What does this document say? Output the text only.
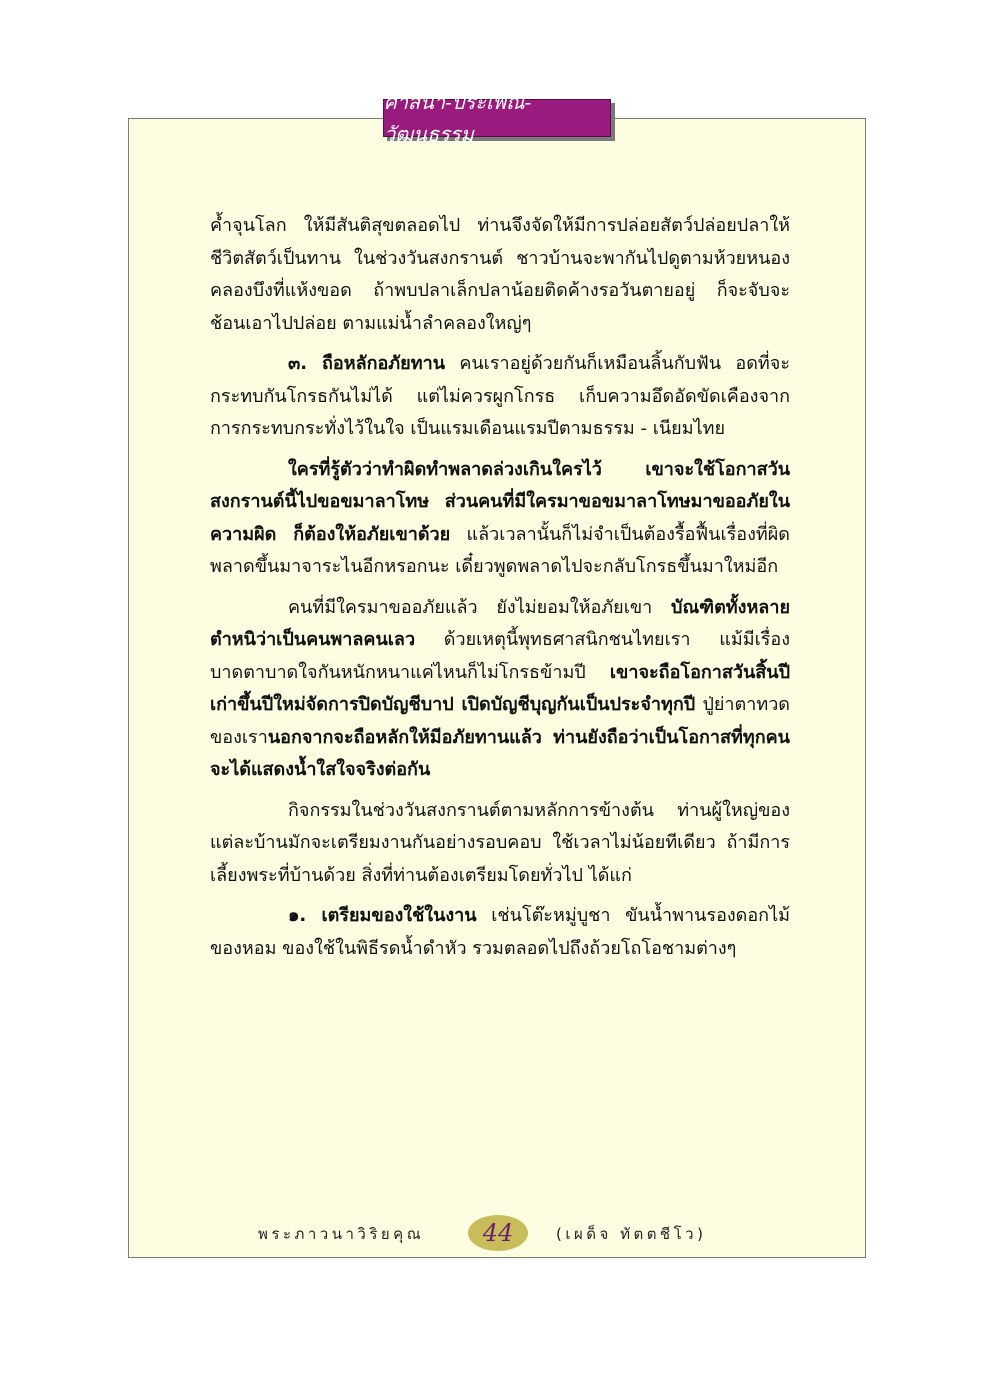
ศาสนา-ประเพณี-วัฒนธรรม

ค้ำจุนโลก ให้มีสันติสุขตลอดไป ท่านจึงจัดให้มีการปล่อยสัตว์ปล่อยปลาให้ชีวิตสัตว์เป็นทาน ในช่วงวันสงกรานต์ ชาวบ้านจะพากันไปดูตามห้วยหนองคลองบึงที่แห้งขอด ถ้าพบปลาเล็กปลาน้อยติดค้างรอวันตายอยู่ ก็จะจับจะช้อนเอาไปปล่อย ตามแม่น้ำลำคลองใหญ่ๆ

๓. ถือหลักอภัยทาน คนเราอยู่ด้วยกันก็เหมือนลิ้นกับฟัน อดที่จะกระทบกันโกรธกันไม่ได้ แต่ไม่ควรผูกโกรธ เก็บความอึดอัดขัดเคืองจากการกระทบกระทั่งไว้ในใจ เป็นแรมเดือนแรมปีตามธรรม - เนียมไทย

ใครที่รู้ตัวว่าทำผิดทำพลาดล่วงเกินใครไว้ เขาจะใช้โอกาสวันสงกรานต์นี้ไปขอขมาลาโทษ ส่วนคนที่มีใครมาขอขมาลาโทษมาขออภัยในความผิด ก็ต้องให้อภัยเขาด้วย แล้วเวลานั้นก็ไม่จำเป็นต้องรื้อฟื้นเรื่องที่ผิดพลาดขึ้นมาจาระไนอีกหรอกนะ เดี๋ยวพูดพลาดไปจะกลับโกรธขึ้นมาใหม่อีก

คนที่มีใครมาขออภัยแล้ว ยังไม่ยอมให้อภัยเขา บัณฑิตทั้งหลายตำหนิว่าเป็นคนพาลคนเลว ด้วยเหตุนี้พุทธศาสนิกชนไทยเรา แม้มีเรื่องบาดตาบาดใจกันหนักหนาแค่ไหนก็ไม่โกรธข้ามปี เขาจะถือโอกาสวันสิ้นปีเก่าขึ้นปีใหม่จัดการปิดบัญชีบาป เปิดบัญชีบุญกันเป็นประจำทุกปี ปู่ย่าตาทวดของเรานอกจากจะถือหลักให้มีอภัยทานแล้ว ท่านยังถือว่าเป็นโอกาสที่ทุกคนจะได้แสดงน้ำใสใจจริงต่อกัน

กิจกรรมในช่วงวันสงกรานต์ตามหลักการข้างต้น ท่านผู้ใหญ่ของแต่ละบ้านมักจะเตรียมงานกันอย่างรอบคอบ ใช้เวลาไม่น้อยทีเดียว ถ้ามีการเลี้ยงพระที่บ้านด้วย สิ่งที่ท่านต้องเตรียมโดยทั่วไป ได้แก่

๑. เตรียมของใช้ในงาน เช่นโต๊ะหมู่บูชา ขันน้ำพานรองดอกไม้ของหอม ของใช้ในพิธีรดน้ำดำหัว รวมตลอดไปถึงถ้วยโถโอชามต่างๆ

พระภาวนาวิริยคุณ 44	(เผด็จ ทัตตชีโว)
